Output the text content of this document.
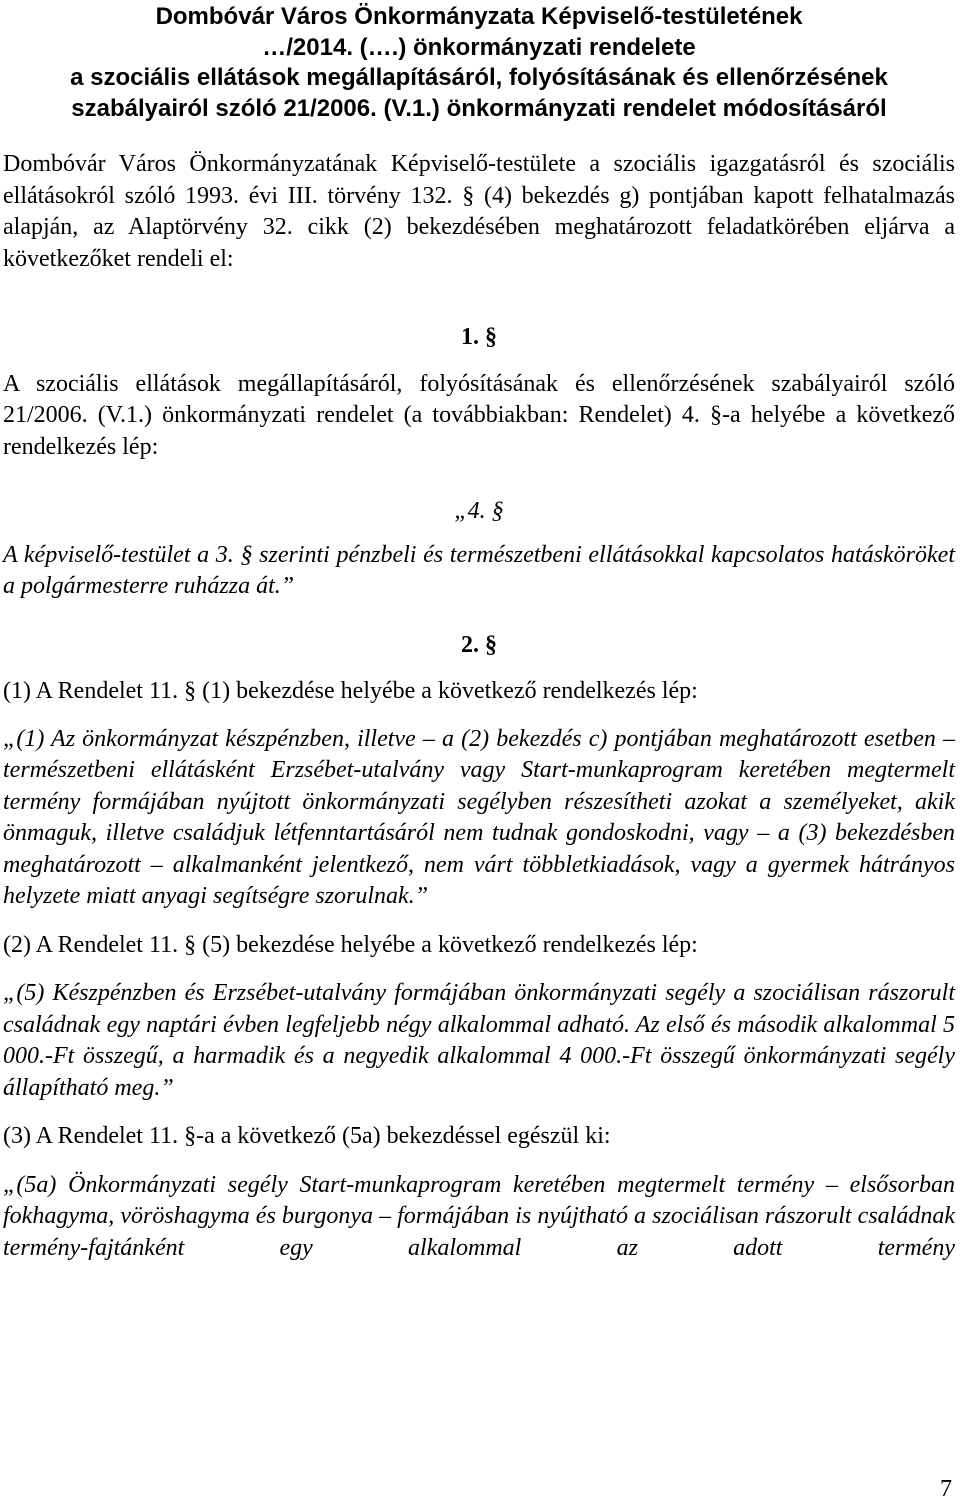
Dombóvár Város Önkormányzata Képviselő-testületének

…/2014. (….) önkormányzati rendelete

a szociális ellátások megállapításáról, folyósításának és ellenőrzésének

szabályairól szóló 21/2006. (V.1.) önkormányzati rendelet módosításáról

Dombóvár Város Önkormányzatának Képviselő-testülete a szociális igazgatásról és szociális ellátásokról szóló 1993. évi III. törvény 132. § (4) bekezdés g) pontjában kapott felhatalmazás alapján, az Alaptörvény 32. cikk (2) bekezdésében meghatározott feladatkörében eljárva a következőket rendeli el:

1. §

A szociális ellátások megállapításáról, folyósításának és ellenőrzésének szabályairól szóló 21/2006. (V.1.) önkormányzati rendelet (a továbbiakban: Rendelet) 4. §-a helyébe a következő rendelkezés lép:

„4. §

A képviselő-testület a 3. § szerinti pénzbeli és természetbeni ellátásokkal kapcsolatos hatásköröket a polgármesterre ruházza át.”

2. §

(1) A Rendelet 11. § (1) bekezdése helyébe a következő rendelkezés lép:

„(1) Az önkormányzat készpénzben, illetve – a (2) bekezdés c) pontjában meghatározott esetben – természetbeni ellátásként Erzsébet-utalvány vagy Start-munkaprogram keretében megtermelt termény formájában nyújtott önkormányzati segélyben részesítheti azokat a személyeket, akik önmaguk, illetve családjuk létfenntartásáról nem tudnak gondoskodni, vagy – a (3) bekezdésben meghatározott – alkalmanként jelentkező, nem várt többletkiadások, vagy a gyermek hátrányos helyzete miatt anyagi segítségre szorulnak.”

(2) A Rendelet 11. § (5) bekezdése helyébe a következő rendelkezés lép:

„(5) Készpénzben és Erzsébet-utalvány formájában önkormányzati segély a szociálisan rászorult családnak egy naptári évben legfeljebb négy alkalommal adható. Az első és második alkalommal 5 000.-Ft összegű, a harmadik és a negyedik alkalommal 4 000.-Ft összegű önkormányzati segély állapítható meg.”

(3) A Rendelet 11. §-a a következő (5a) bekezdéssel egészül ki:

„(5a) Önkormányzati segély Start-munkaprogram keretében megtermelt termény – elsősorban fokhagyma, vöröshagyma és burgonya – formájában is nyújtható a szociálisan rászorult családnak termény-fajtánként egy alkalommal az adott termény

7
